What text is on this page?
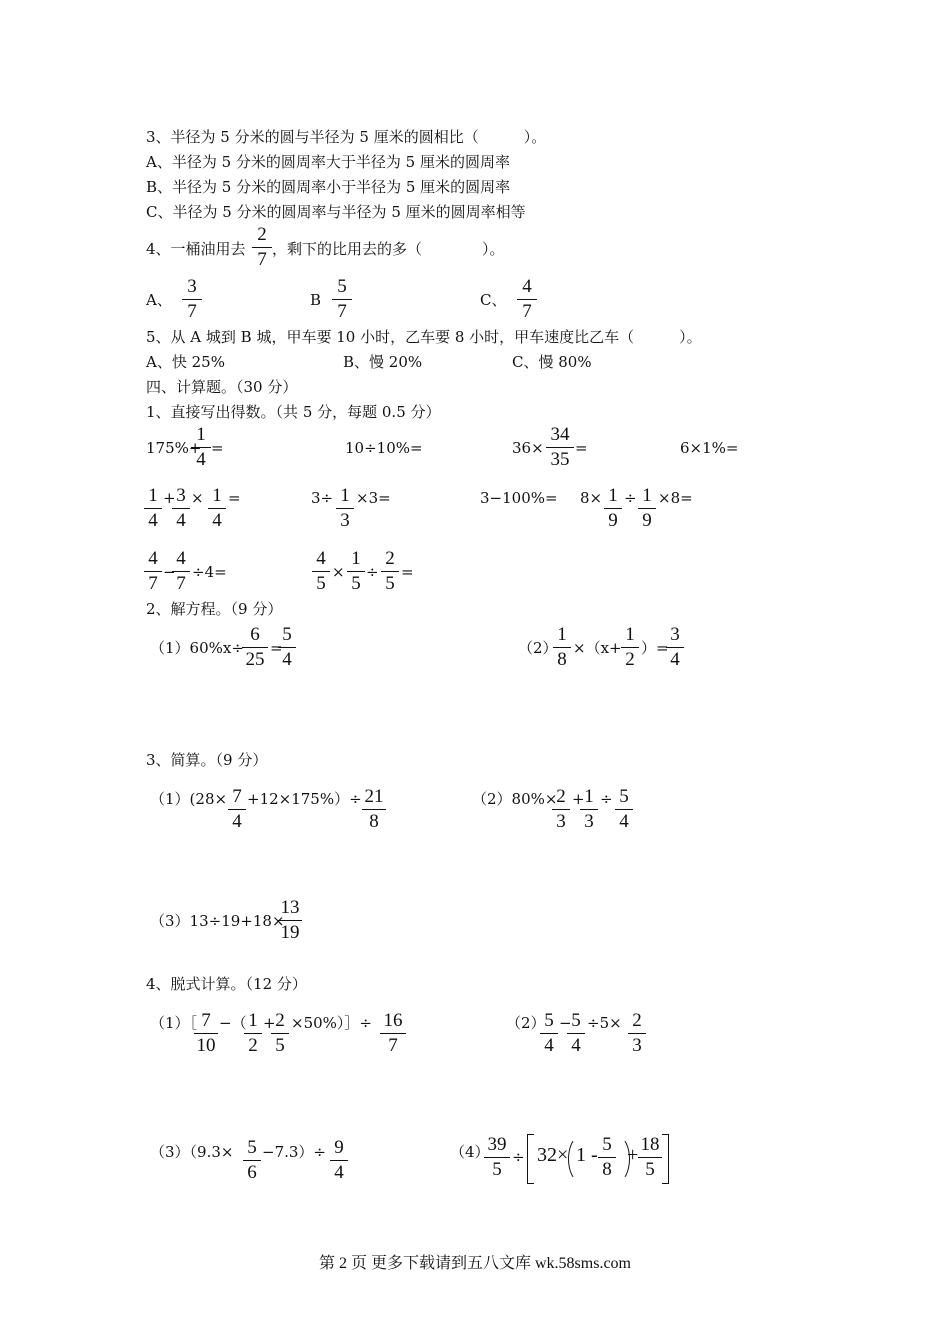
3、半径为 5 分米的圆与半径为 5 厘米的圆相比（　　　）。
A、半径为 5 分米的圆周率大于半径为 5 厘米的圆周率
B、半径为 5 分米的圆周率小于半径为 5 厘米的圆周率
C、半径为 5 分米的圆周率与半径为 5 厘米的圆周率相等
4、一桶油用去
2
7 ，剩下的比用去的多（　　　　）。
A、
3
7
B
5
7
C、
4
7
5、从 A 城到 B 城，甲车要 10 小时，乙车要 8 小时，甲车速度比乙车（　　　）。
A、快 25%	B、慢 20%	C、慢 80%
四、计算题。（30 分）
1、直接写出得数。（共 5 分，每题 0.5 分）
175%+
1
4
=	10÷10%=	36×
34
35
=	6×1%=
1
4
+ 3
4
× 1
4
=	3÷ 1
3
×3=	3−100%= 8× 1
9
÷ 1
9
×8=
4
7
−
4
7
÷4=
4
5
×
1
5
÷
2
5
=
2、解方程。（9 分）
（1）60%x÷
6
25
=
5
4
（2）
1
8
×（x+
1
2
）=
3
4
3、简算。（9 分）
（1）(28× 7
4
+12×175%）÷ 21
8
（2）80%×
2
3
+ 1
3
÷ 5
4
（3）13÷19+18×
13
19
4、脱式计算。（12 分）
（1）［ 7
10
−（ 1
2
+ 2
5
×50%）］÷ 16
7
（2）
5
4
− 5
4
÷5× 2
3
（3）（9.3× 5
6
−7.3）÷ 9
4
（4）
39
5
÷ 32× 1 - 5
8
+ 18
5
第 2 页 更多下载请到五八文库 wk.58sms.com
